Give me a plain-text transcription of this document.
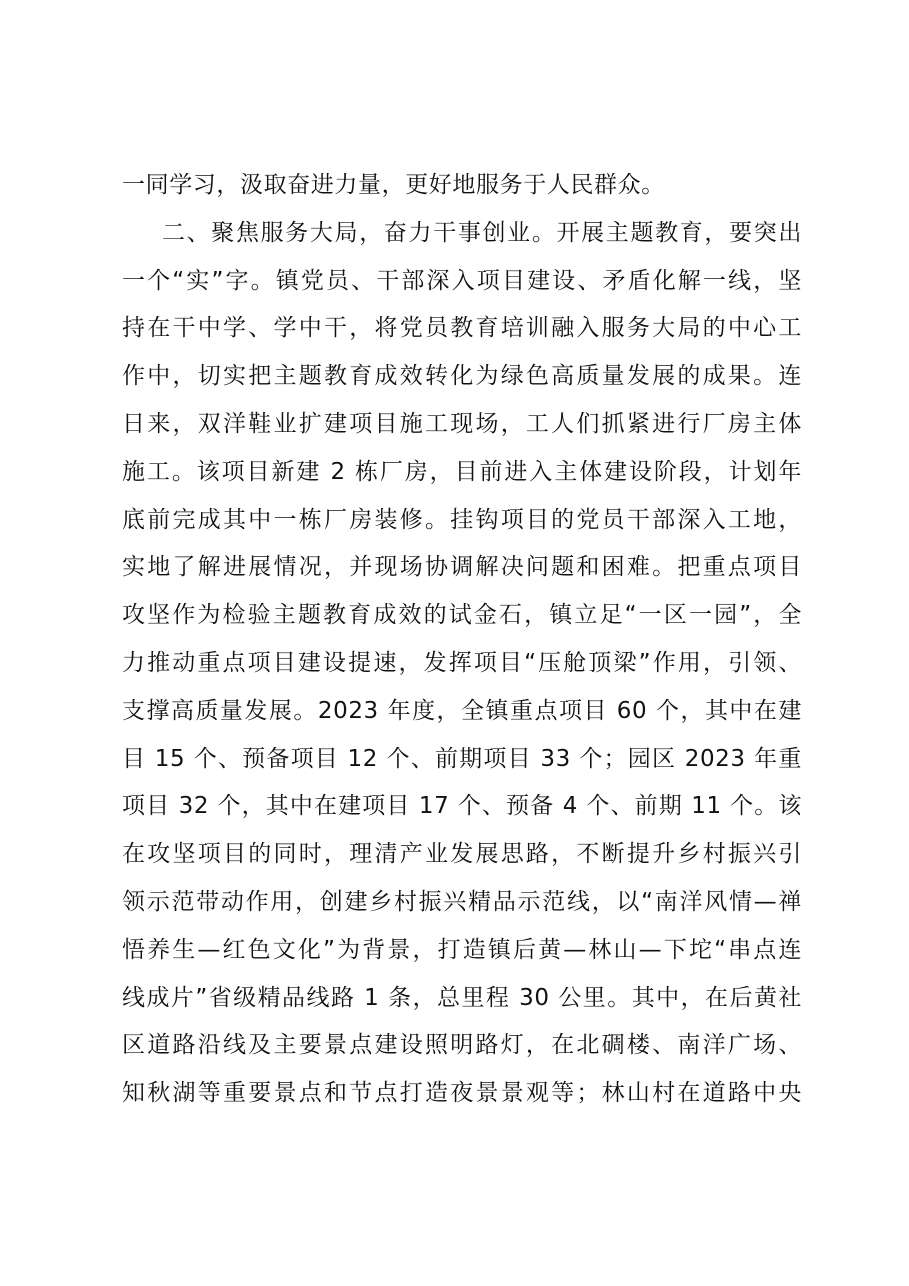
一同学习，汲取奋进力量，更好地服务于人民群众。
二、聚焦服务大局，奋力干事创业。开展主题教育，要突出
一个“实”字。镇党员、干部深入项目建设、矛盾化解一线，坚
持在干中学、学中干，将党员教育培训融入服务大局的中心工
作中，切实把主题教育成效转化为绿色高质量发展的成果。连
日来，双洋鞋业扩建项目施工现场，工人们抓紧进行厂房主体
施工。该项目新建 2 栋厂房，目前进入主体建设阶段，计划年
底前完成其中一栋厂房装修。挂钩项目的党员干部深入工地，
实地了解进展情况，并现场协调解决问题和困难。把重点项目
攻坚作为检验主题教育成效的试金石，镇立足“一区一园”，全
力推动重点项目建设提速，发挥项目“压舱顶梁”作用，引领、
支撑高质量发展。2023 年度，全镇重点项目 60 个，其中在建
目 15 个、预备项目 12 个、前期项目 33 个；园区 2023 年重
项目 32 个，其中在建项目 17 个、预备 4 个、前期 11 个。该
在攻坚项目的同时，理清产业发展思路，不断提升乡村振兴引
领示范带动作用，创建乡村振兴精品示范线，以“南洋风情—禅
悟养生—红色文化”为背景，打造镇后黄—林山—下坨“串点连
线成片”省级精品线路 1 条，总里程 30 公里。其中，在后黄社
区道路沿线及主要景点建设照明路灯，在北碉楼、南洋广场、
知秋湖等重要景点和节点打造夜景景观等；林山村在道路中央
